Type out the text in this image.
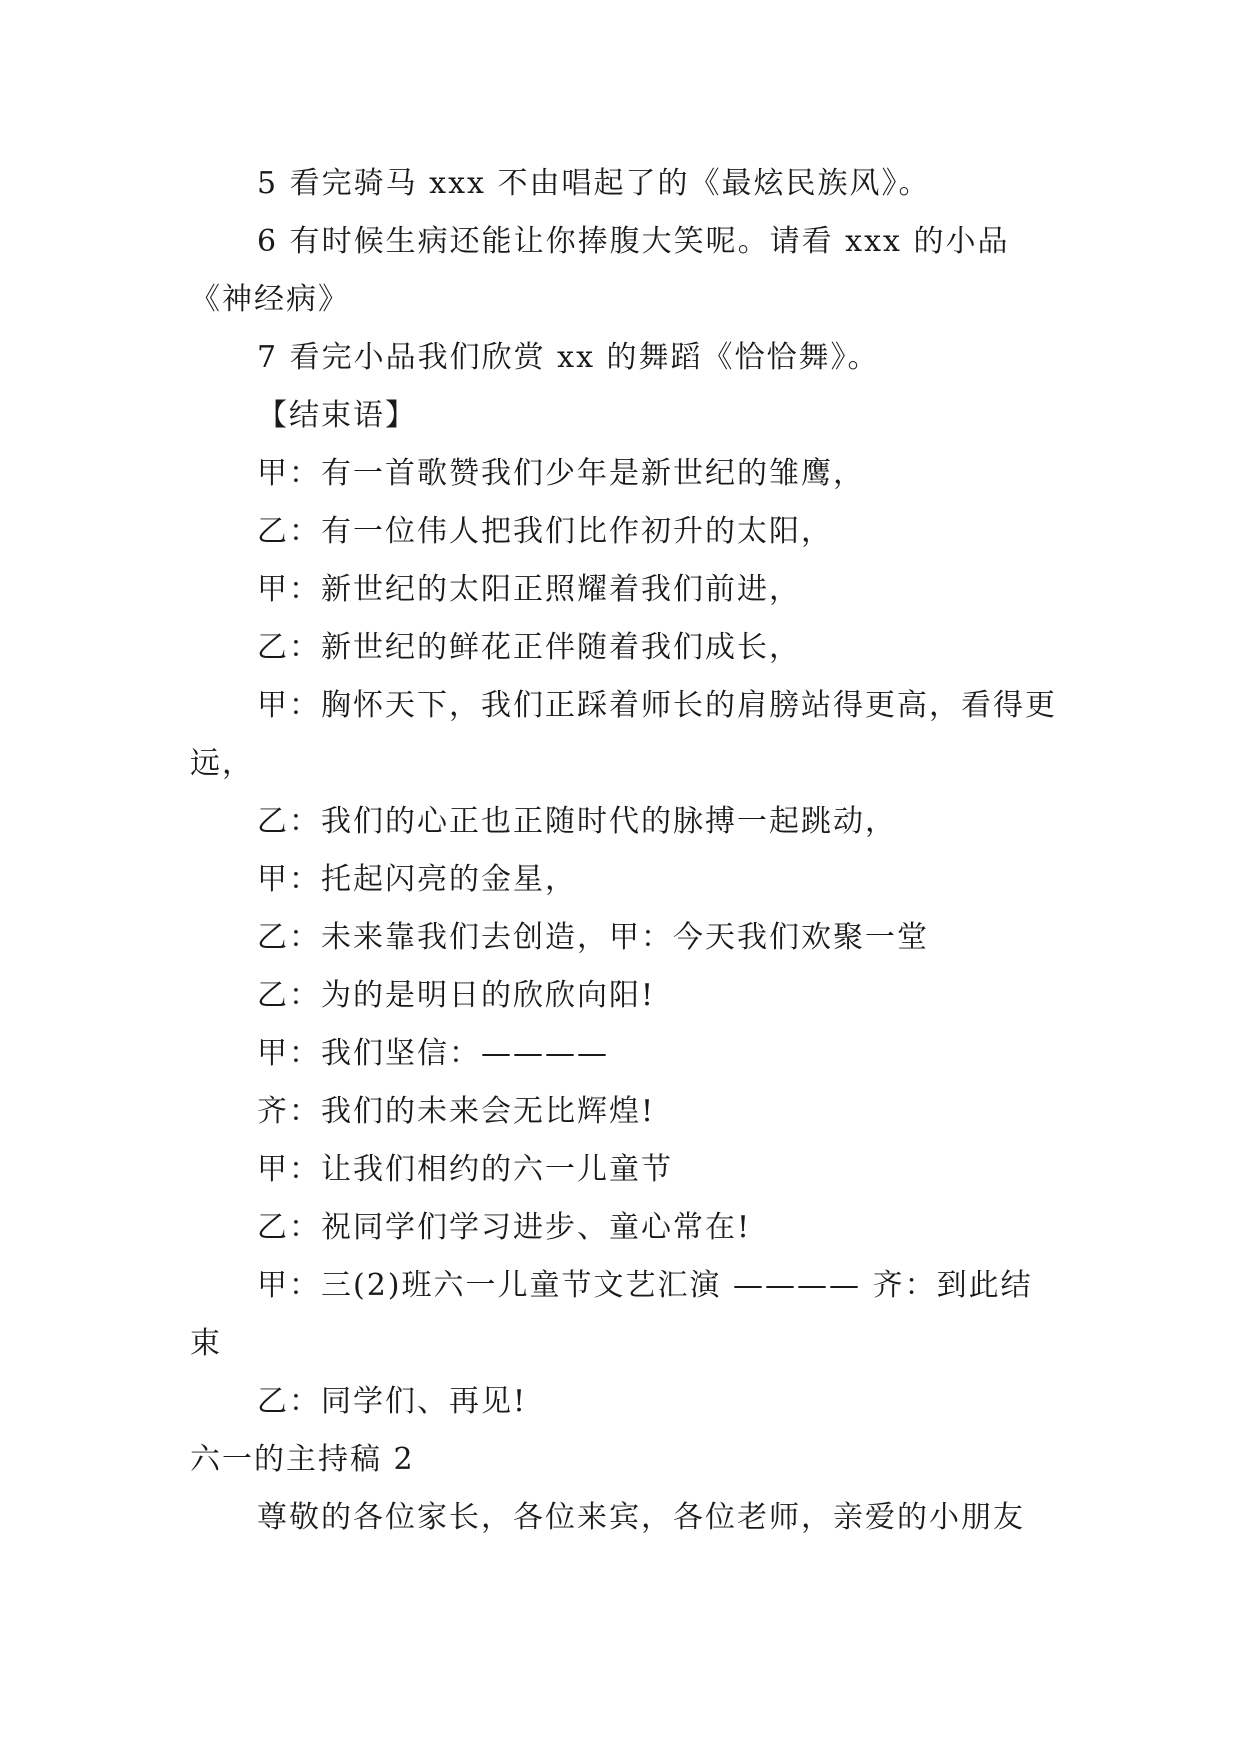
5 看完骑马 xxx 不由唱起了的《最炫民族风》。

6 有时候生病还能让你捧腹大笑呢。请看 xxx 的小品《神经病》

7 看完小品我们欣赏 xx 的舞蹈《恰恰舞》。

【结束语】

甲：有一首歌赞我们少年是新世纪的雏鹰，

乙：有一位伟人把我们比作初升的太阳，

甲：新世纪的太阳正照耀着我们前进，

乙：新世纪的鲜花正伴随着我们成长，

甲：胸怀天下，我们正踩着师长的肩膀站得更高，看得更远，

乙：我们的心正也正随时代的脉搏一起跳动，

甲：托起闪亮的金星，

乙：未来靠我们去创造，甲：今天我们欢聚一堂

乙：为的是明日的欣欣向阳!

甲：我们坚信：————

齐：我们的未来会无比辉煌!

甲：让我们相约的六一儿童节

乙：祝同学们学习进步、童心常在!

甲：三(2)班六一儿童节文艺汇演 ———— 齐：到此结束

乙：同学们、再见!

六一的主持稿 2

尊敬的各位家长，各位来宾，各位老师，亲爱的小朋友
